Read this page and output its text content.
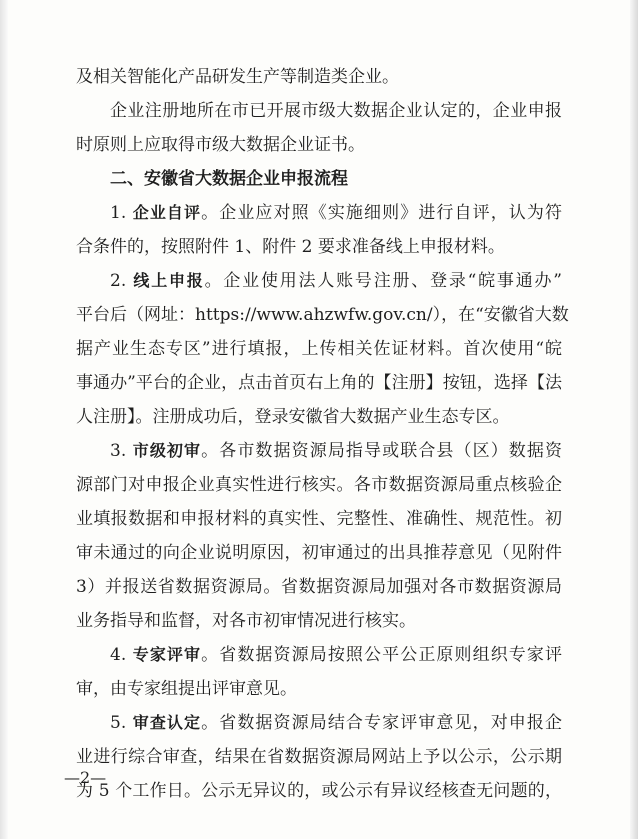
及相关智能化产品研发生产等制造类企业。
企业注册地所在市已开展市级大数据企业认定的，企业申报
时原则上应取得市级大数据企业证书。
二、安徽省大数据企业申报流程
1. 企业自评。企业应对照《实施细则》进行自评，认为符
合条件的，按照附件 1、附件 2 要求准备线上申报材料。
2. 线上申报。企业使用法人账号注册、登录“皖事通办”
平台后（网址：https://www.ahzwfw.gov.cn/），在“安徽省大数
据产业生态专区”进行填报，上传相关佐证材料。首次使用“皖
事通办”平台的企业，点击首页右上角的【注册】按钮，选择【法
人注册】。注册成功后，登录安徽省大数据产业生态专区。
3. 市级初审。各市数据资源局指导或联合县（区）数据资
源部门对申报企业真实性进行核实。各市数据资源局重点核验企
业填报数据和申报材料的真实性、完整性、准确性、规范性。初
审未通过的向企业说明原因，初审通过的出具推荐意见（见附件
3）并报送省数据资源局。省数据资源局加强对各市数据资源局
业务指导和监督，对各市初审情况进行核实。
4. 专家评审。省数据资源局按照公平公正原则组织专家评
审，由专家组提出评审意见。
5. 审查认定。省数据资源局结合专家评审意见，对申报企
业进行综合审查，结果在省数据资源局网站上予以公示，公示期
为 5 个工作日。公示无异议的，或公示有异议经核查无问题的，
—2—
